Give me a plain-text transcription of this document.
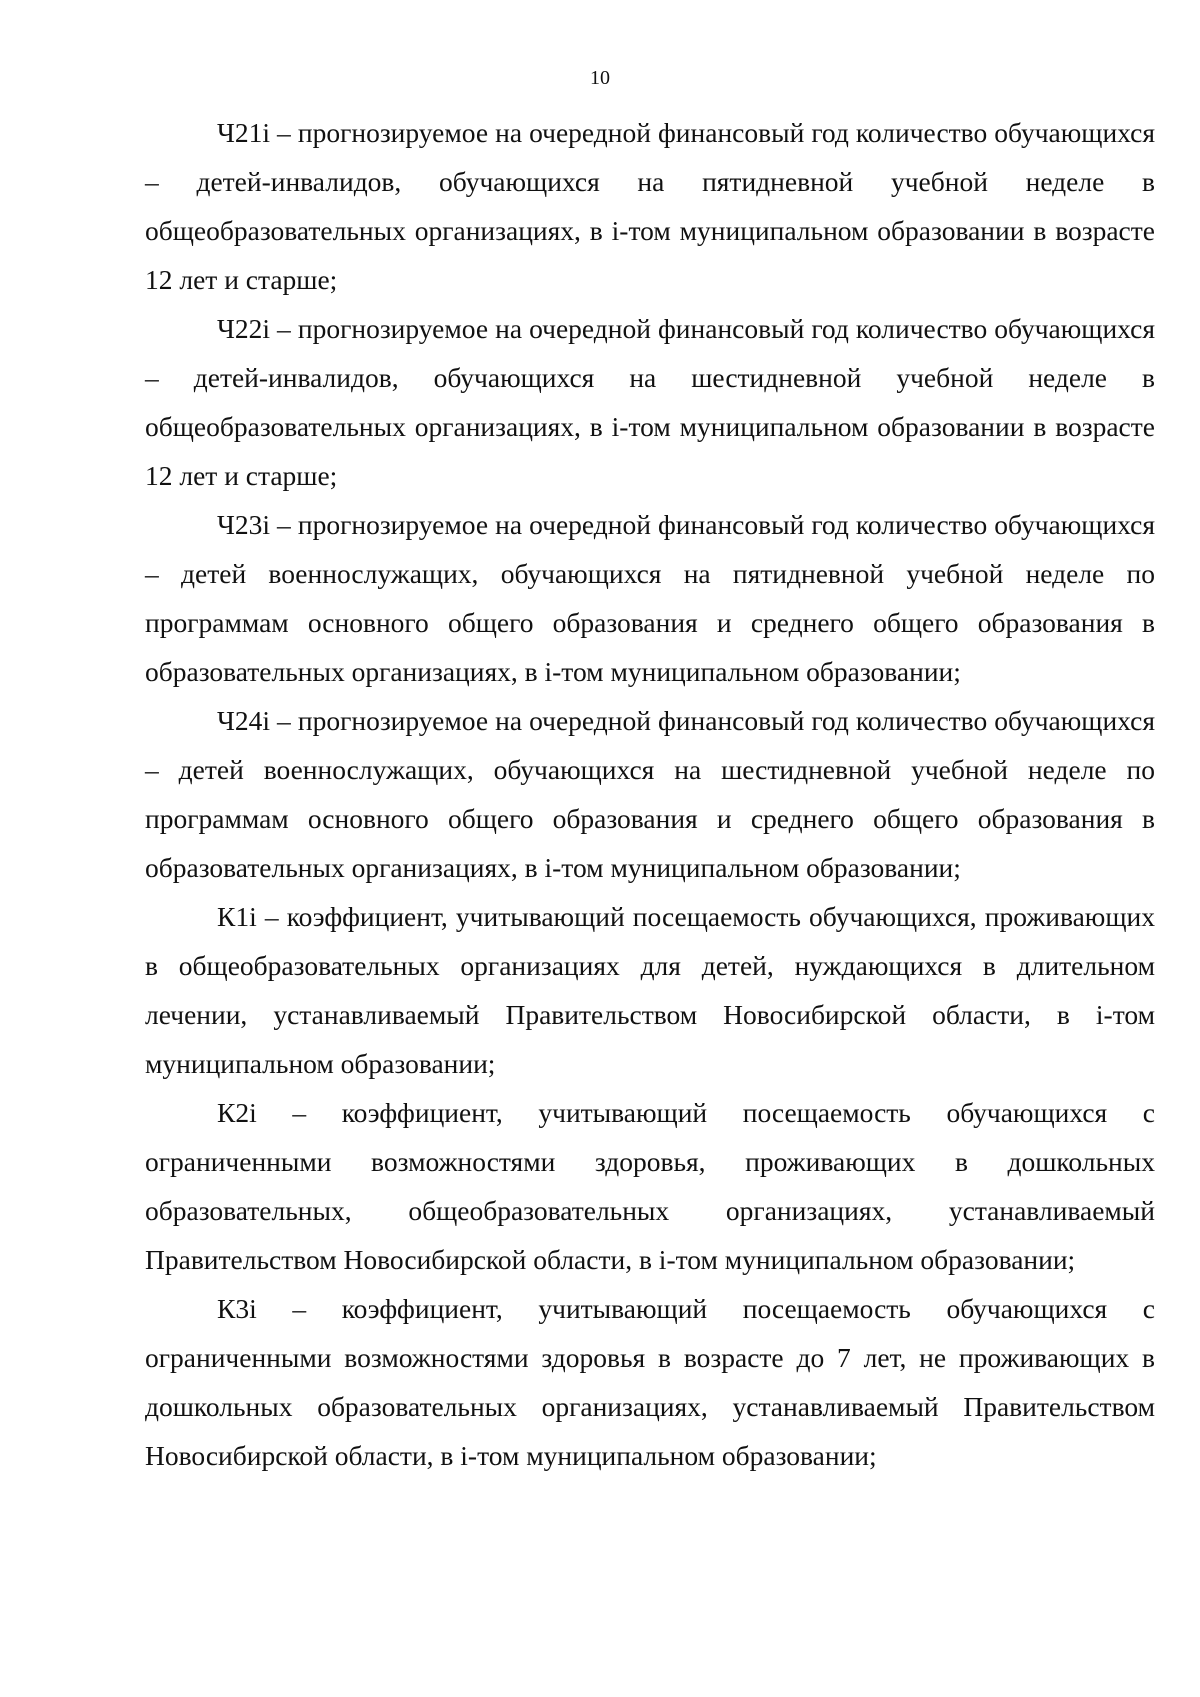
10

Ч21i – прогнозируемое на очередной финансовый год количество обучающихся – детей-инвалидов, обучающихся на пятидневной учебной неделе в общеобразовательных организациях, в i-том муниципальном образовании в возрасте 12 лет и старше;

Ч22i – прогнозируемое на очередной финансовый год количество обучающихся – детей-инвалидов, обучающихся на шестидневной учебной неделе в общеобразовательных организациях, в i-том муниципальном образовании в возрасте 12 лет и старше;

Ч23i – прогнозируемое на очередной финансовый год количество обучающихся – детей военнослужащих, обучающихся на пятидневной учебной неделе по программам основного общего образования и среднего общего образования в образовательных организациях, в i-том муниципальном образовании;

Ч24i – прогнозируемое на очередной финансовый год количество обучающихся – детей военнослужащих, обучающихся на шестидневной учебной неделе по программам основного общего образования и среднего общего образования в образовательных организациях, в i-том муниципальном образовании;

К1i – коэффициент, учитывающий посещаемость обучающихся, проживающих в общеобразовательных организациях для детей, нуждающихся в длительном лечении, устанавливаемый Правительством Новосибирской области, в i-том муниципальном образовании;

К2i – коэффициент, учитывающий посещаемость обучающихся с ограниченными возможностями здоровья, проживающих в дошкольных образовательных, общеобразовательных организациях, устанавливаемый Правительством Новосибирской области, в i-том муниципальном образовании;

К3i – коэффициент, учитывающий посещаемость обучающихся с ограниченными возможностями здоровья в возрасте до 7 лет, не проживающих в дошкольных образовательных организациях, устанавливаемый Правительством Новосибирской области, в i-том муниципальном образовании;
